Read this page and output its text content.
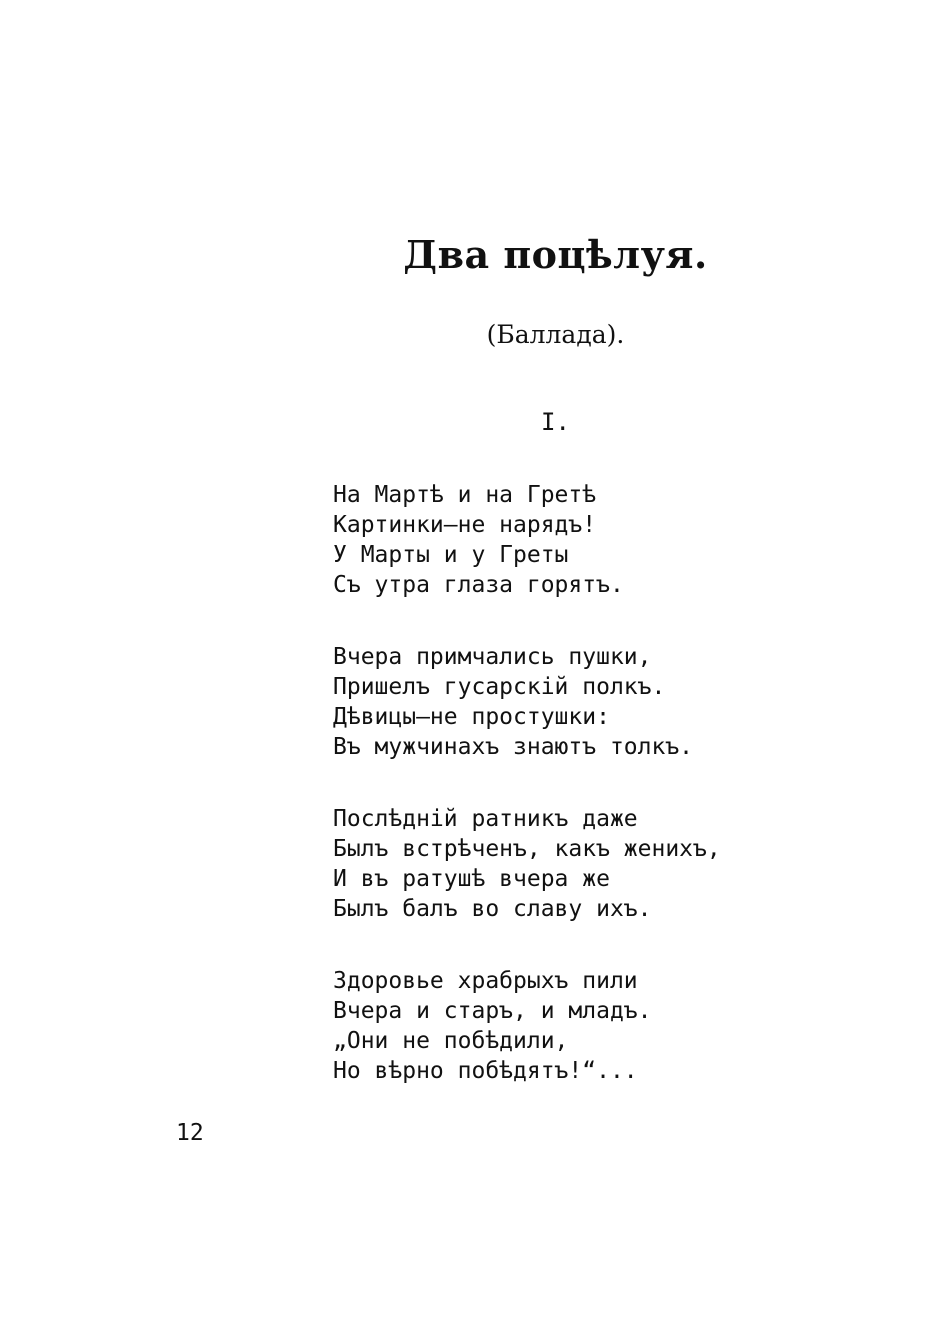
Два поцѣлуя.
(Баллада).
I.
На Мартѣ и на Гретѣ
Картинки—не нарядъ!
У Марты и у Греты
Съ утра глаза горятъ.
Вчера примчались пушки,
Пришелъ гусарскій полкъ.
Дѣвицы—не простушки:
Въ мужчинахъ знаютъ толкъ.
Послѣдній ратникъ даже
Былъ встрѣченъ, какъ женихъ,
И въ ратушѣ вчера же
Былъ балъ во славу ихъ.
Здоровье храбрыхъ пили
Вчера и старъ, и младъ.
„Они не побѣдили,
Но вѣрно побѣдятъ!“...
12
